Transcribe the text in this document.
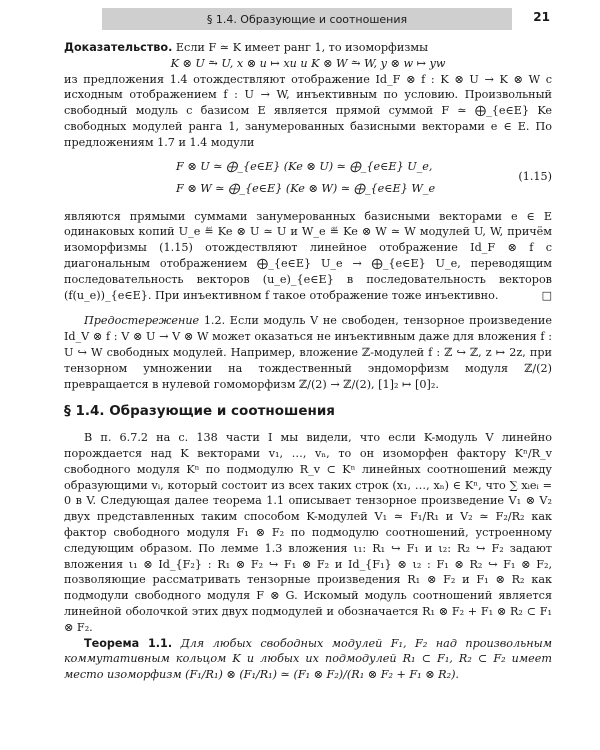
§ 1.4. Образующие и соотношения	21

Доказательство. Если F ≃ K имеет ранг 1, то изоморфизмы

K ⊗ U ⥲ U, x ⊗ u ↦ xu и K ⊗ W ⥲ W, y ⊗ w ↦ yw

из предложения 1.4 отождествляют отображение Id_F ⊗ f : K ⊗ U → K ⊗ W с исходным отображением f : U → W, инъективным по условию. Произвольный свободный модуль с базисом E является прямой суммой F ≃ ⨁_{e∈E} Ke свободных модулей ранга 1, занумерованных базисными векторами e ∈ E. По предложениям 1.7 и 1.4 модули

F ⊗ U ≃ ⨁_{e∈E} (Ke ⊗ U) ≃ ⨁_{e∈E} U_e,
F ⊗ W ≃ ⨁_{e∈E} (Ke ⊗ W) ≃ ⨁_{e∈E} W_e
(1.15)

являются прямыми суммами занумерованных базисными векторами e ∈ E одинаковых копий U_e ≝ Ke ⊗ U ≃ U и W_e ≝ Ke ⊗ W ≃ W модулей U, W, причём изоморфизмы (1.15) отождествляют линейное отображение Id_F ⊗ f с диагональным отображением ⨁_{e∈E} U_e → ⨁_{e∈E} U_e, переводящим последовательность векторов (u_e)_{e∈E} в последовательность векторов (f(u_e))_{e∈E}. При инъективном f такое отображение тоже инъективно.	□

Предостережение 1.2. Если модуль V не свободен, тензорное произведение Id_V ⊗ f : V ⊗ U → V ⊗ W может оказаться не инъективным даже для вложения f : U ↪ W свободных модулей. Например, вложение ℤ-модулей f : ℤ ↪ ℤ, z ↦ 2z, при тензорном умножении на тождественный эндоморфизм модуля ℤ/(2) превращается в нулевой гомоморфизм ℤ/(2) → ℤ/(2), [1]₂ ↦ [0]₂.

§ 1.4. Образующие и соотношения

В п. 6.7.2 на с. 138 части I мы видели, что если K-модуль V линейно порождается над K векторами v₁, …, vₙ, то он изоморфен фактору Kⁿ/R_v свободного модуля Kⁿ по подмодулю R_v ⊂ Kⁿ линейных соотношений между образующими vᵢ, который состоит из всех таких строк (x₁, …, xₙ) ∈ Kⁿ, что ∑ xᵢeᵢ = 0 в V. Следующая далее теорема 1.1 описывает тензорное произведение V₁ ⊗ V₂ двух представленных таким способом K-модулей V₁ ≃ F₁/R₁ и V₂ ≃ F₂/R₂ как фактор свободного модуля F₁ ⊗ F₂ по подмодулю соотношений, устроенному следующим образом. По лемме 1.3 вложения ι₁: R₁ ↪ F₁ и ι₂: R₂ ↪ F₂ задают вложения ι₁ ⊗ Id_{F₂} : R₁ ⊗ F₂ ↪ F₁ ⊗ F₂ и Id_{F₁} ⊗ ι₂ : F₁ ⊗ R₂ ↪ F₁ ⊗ F₂, позволяющие рассматривать тензорные произведения R₁ ⊗ F₂ и F₁ ⊗ R₂ как подмодули свободного модуля F ⊗ G. Искомый модуль соотношений является линейной оболочкой этих двух подмодулей и обозначается R₁ ⊗ F₂ + F₁ ⊗ R₂ ⊂ F₁ ⊗ F₂.

Теорема 1.1. Для любых свободных модулей F₁, F₂ над произвольным коммутативным кольцом K и любых их подмодулей R₁ ⊂ F₁, R₂ ⊂ F₂ имеет место изоморфизм (F₁/R₁) ⊗ (F₁/R₁) ≃ (F₁ ⊗ F₂)/(R₁ ⊗ F₂ + F₁ ⊗ R₂).
